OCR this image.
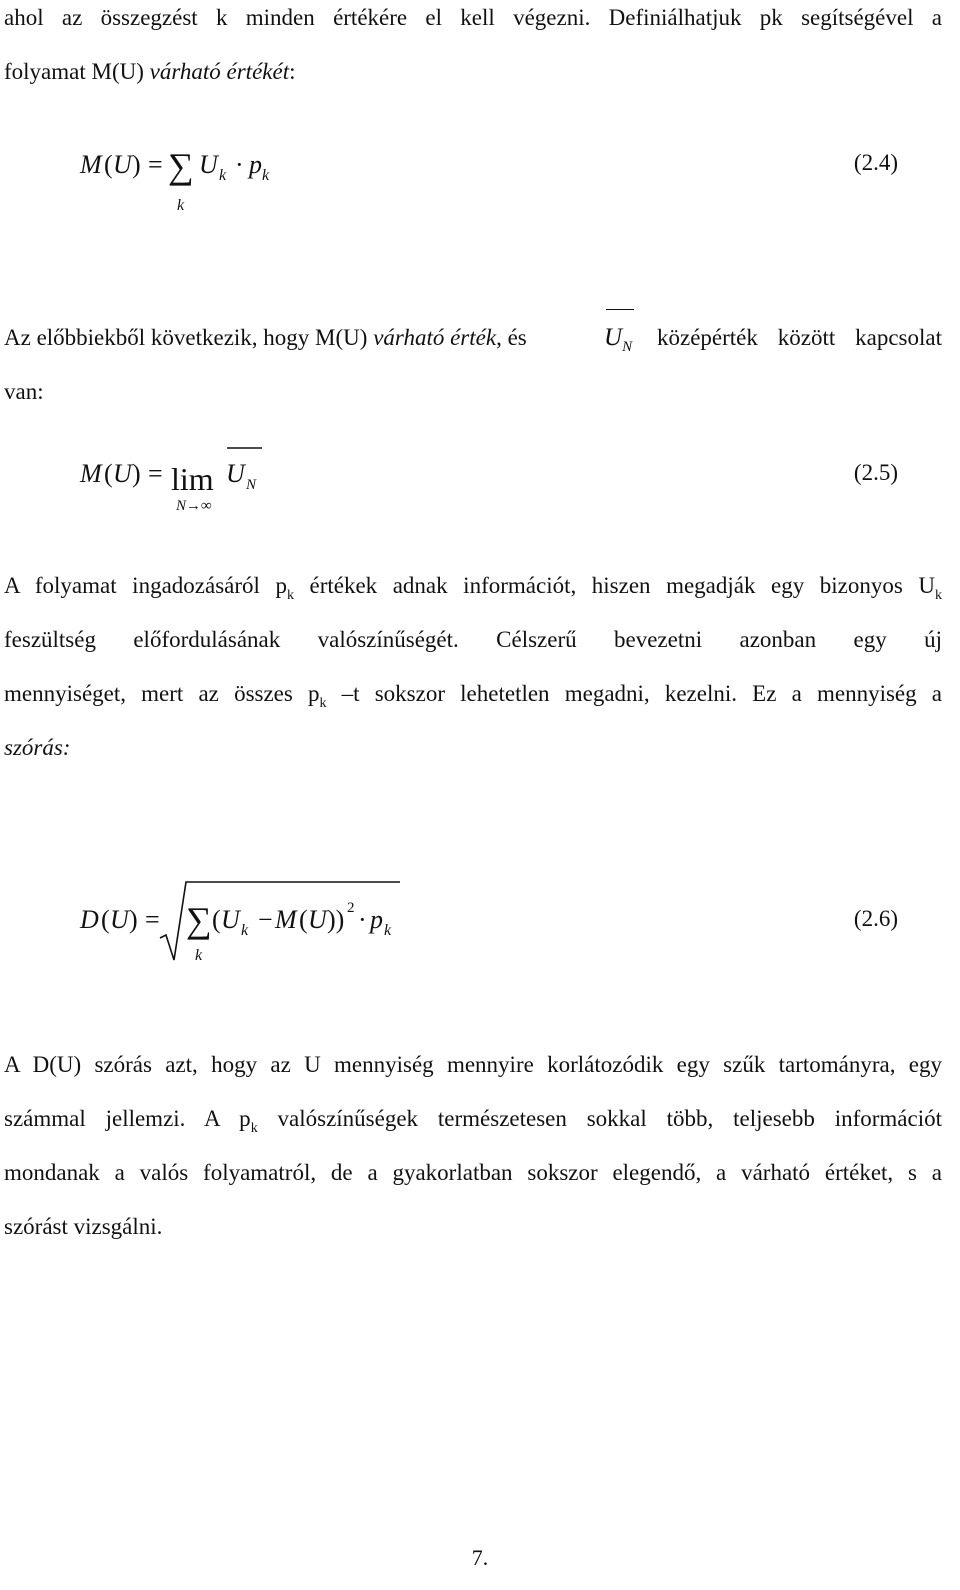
ahol az összegzést k minden értékére el kell végezni. Definiálhatjuk pk segítségével a
folyamat M(U) várható értékét:
M ( U ) = ∑
k
U k · p k
(2.4)
Az előbbiekből következik, hogy M(U) várható érték, és	$U_N$ középérték között kapcsolat
van:
M ( U ) = lim
N→∞
U N	(2.5)
A folyamat ingadozásáról $p_k$ értékek adnak információt, hiszen megadják egy bizonyos $U_k$
feszültség előfordulásának valószínűségét. Célszerű bevezetni azonban egy új
mennyiséget, mert az összes $p_k$ –t sokszor lehetetlen megadni, kezelni. Ez a mennyiség a
szórás:
D ( U ) = ∑
k
( U k − M ( U )) 2 · p k	(2.6)
A D(U) szórás azt, hogy az U mennyiség mennyire korlátozódik egy szűk tartományra, egy
számmal jellemzi. A $p_k$ valószínűségek természetesen sokkal több, teljesebb információt
mondanak a valós folyamatról, de a gyakorlatban sokszor elegendő, a várható értéket, s a
szórást vizsgálni.
7.
